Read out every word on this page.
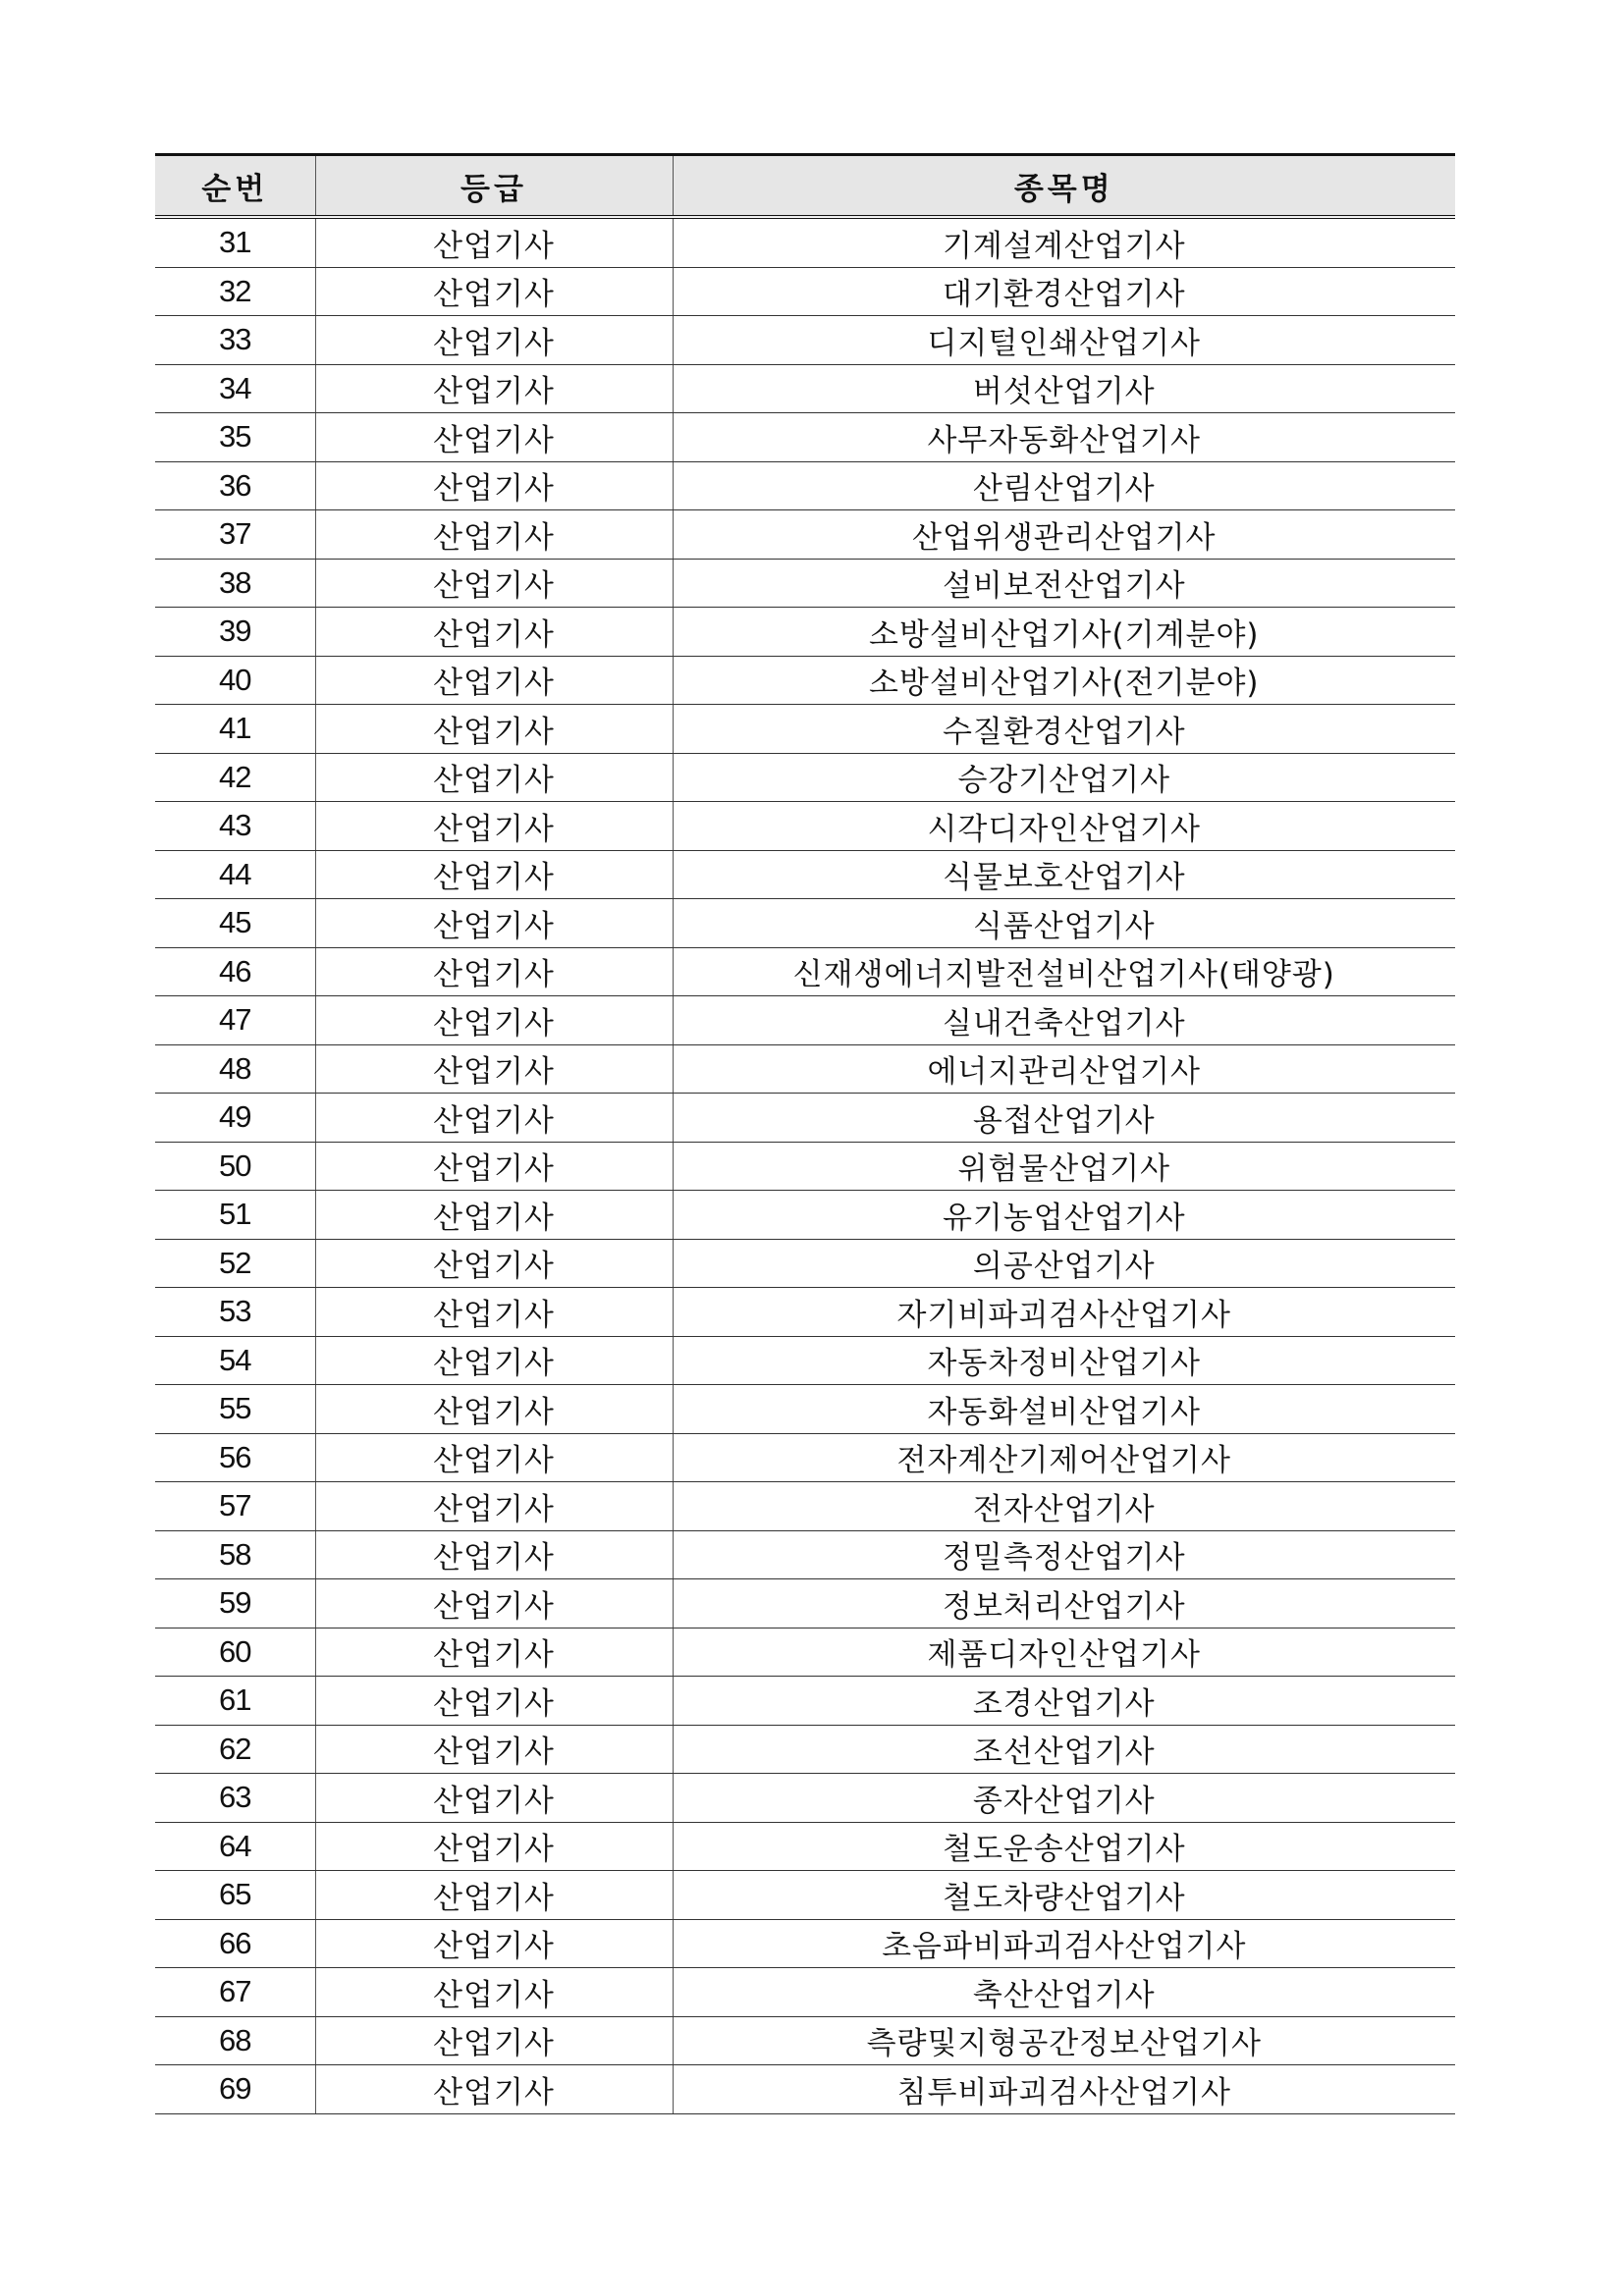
순번	등급	종목명
31	산업기사	기계설계산업기사
32	산업기사	대기환경산업기사
33	산업기사	디지털인쇄산업기사
34	산업기사	버섯산업기사
35	산업기사	사무자동화산업기사
36	산업기사	산림산업기사
37	산업기사	산업위생관리산업기사
38	산업기사	설비보전산업기사
39	산업기사	소방설비산업기사(기계분야)
40	산업기사	소방설비산업기사(전기분야)
41	산업기사	수질환경산업기사
42	산업기사	승강기산업기사
43	산업기사	시각디자인산업기사
44	산업기사	식물보호산업기사
45	산업기사	식품산업기사
46	산업기사	신재생에너지발전설비산업기사(태양광)
47	산업기사	실내건축산업기사
48	산업기사	에너지관리산업기사
49	산업기사	용접산업기사
50	산업기사	위험물산업기사
51	산업기사	유기농업산업기사
52	산업기사	의공산업기사
53	산업기사	자기비파괴검사산업기사
54	산업기사	자동차정비산업기사
55	산업기사	자동화설비산업기사
56	산업기사	전자계산기제어산업기사
57	산업기사	전자산업기사
58	산업기사	정밀측정산업기사
59	산업기사	정보처리산업기사
60	산업기사	제품디자인산업기사
61	산업기사	조경산업기사
62	산업기사	조선산업기사
63	산업기사	종자산업기사
64	산업기사	철도운송산업기사
65	산업기사	철도차량산업기사
66	산업기사	초음파비파괴검사산업기사
67	산업기사	축산산업기사
68	산업기사	측량및지형공간정보산업기사
69	산업기사	침투비파괴검사산업기사
